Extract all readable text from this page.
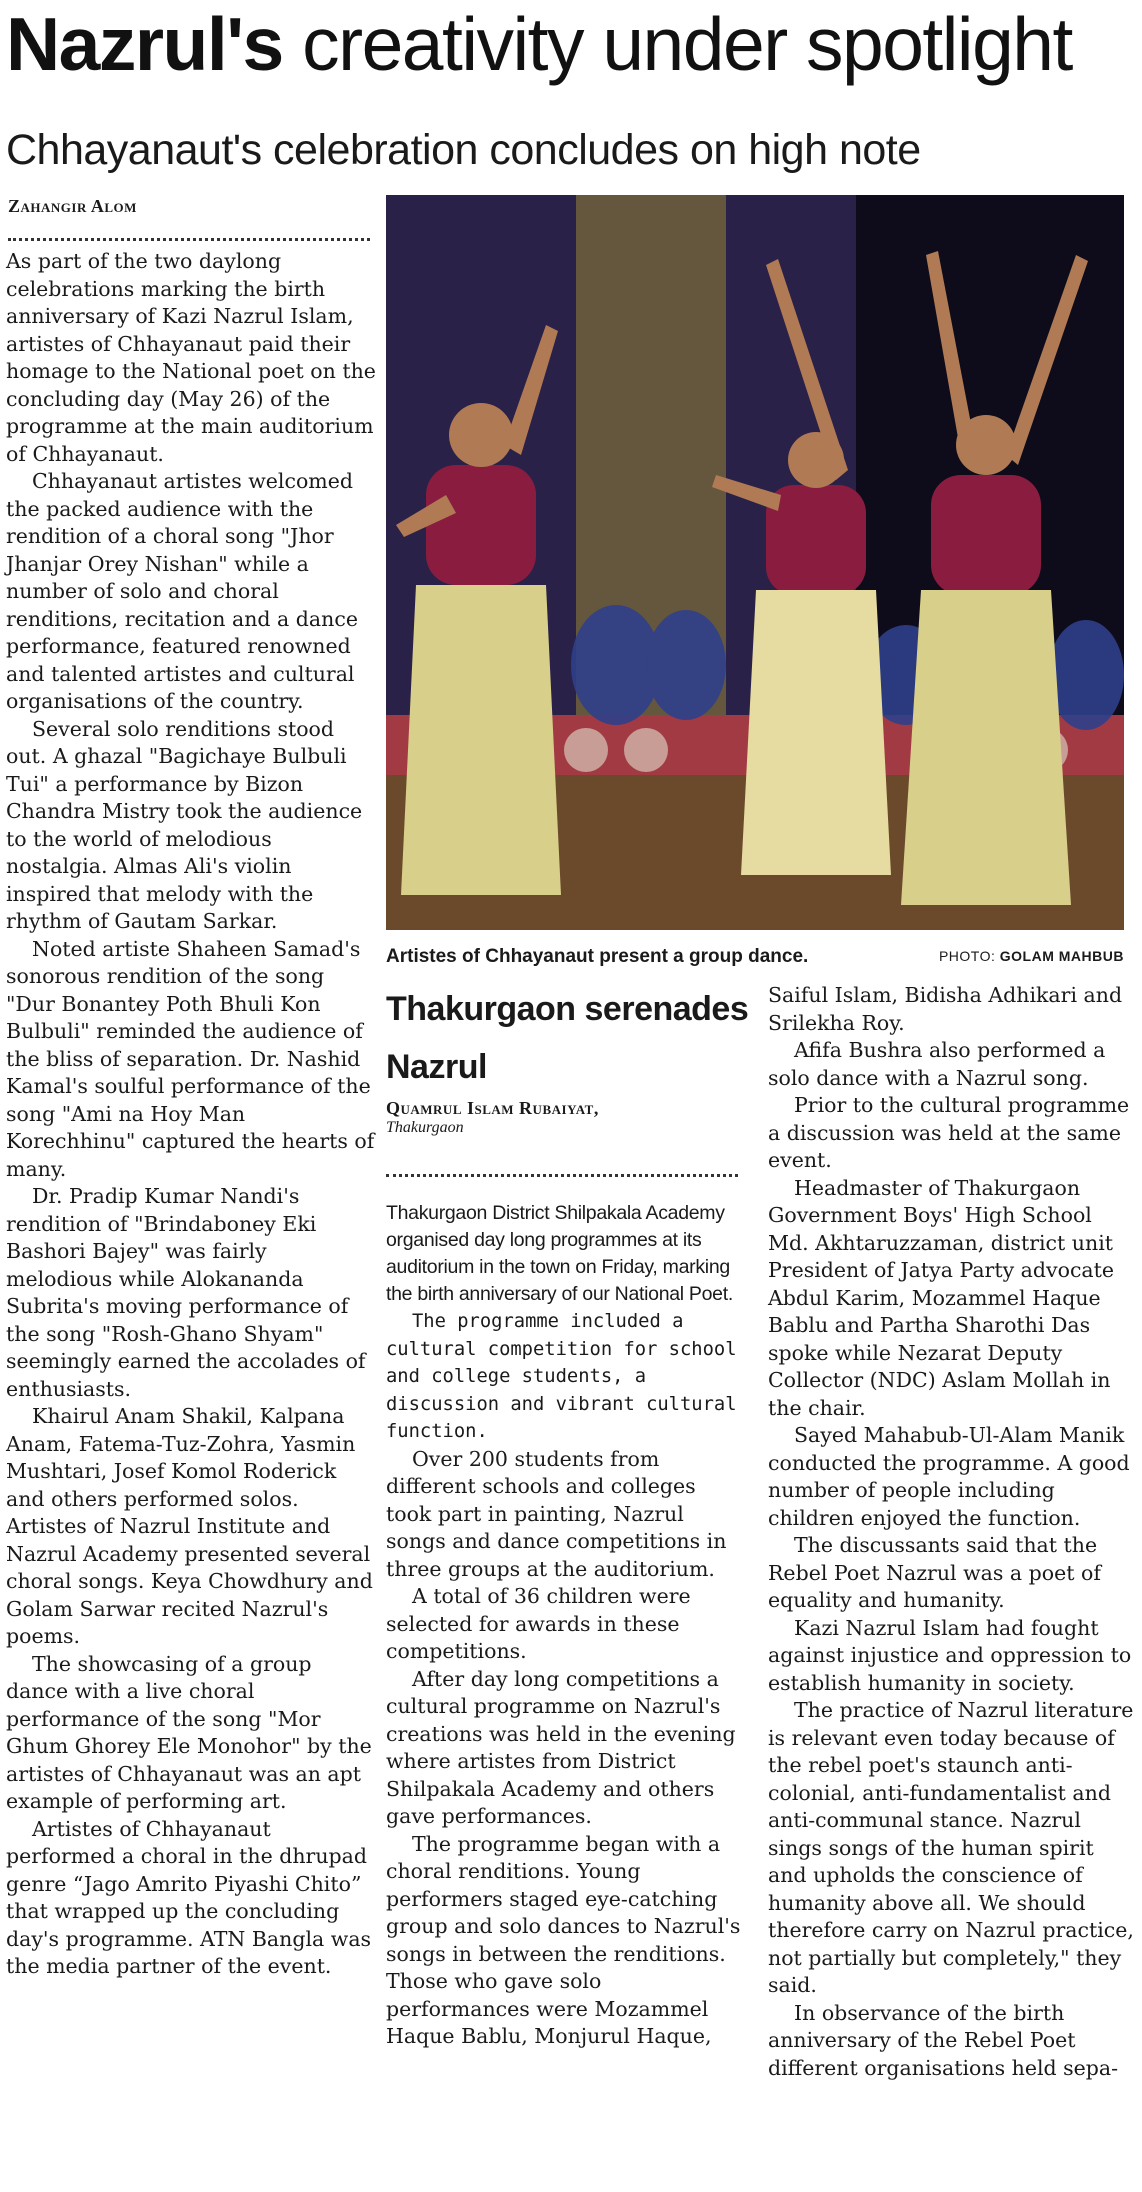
Nazrul's creativity under spotlight
Chhayanaut's celebration concludes on high note
Zahangir Alom

As part of the two daylong celebrations marking the birth anniversary of Kazi Nazrul Islam, artistes of Chhayanaut paid their homage to the National poet on the concluding day (May 26) of the programme at the main auditorium of Chhayanaut.

Chhayanaut artistes welcomed the packed audience with the rendition of a choral song "Jhor Jhanjar Orey Nishan" while a number of solo and choral renditions, recitation and a dance performance, featured renowned and talented artistes and cultural organisations of the country.

Several solo renditions stood out. A ghazal "Bagichaye Bulbuli Tui" a performance by Bizon Chandra Mistry took the audience to the world of melodious nostalgia. Almas Ali's violin inspired that melody with the rhythm of Gautam Sarkar.

Noted artiste Shaheen Samad's sonorous rendition of the song "Dur Bonantey Poth Bhuli Kon Bulbuli" reminded the audience of the bliss of separation. Dr. Nashid Kamal's soulful performance of the song "Ami na Hoy Man Korechhinu" captured the hearts of many.

Dr. Pradip Kumar Nandi's rendition of "Brindaboney Eki Bashori Bajey" was fairly melodious while Alokananda Subrita's moving performance of the song "Rosh-Ghano Shyam" seemingly earned the accolades of enthusiasts.

Khairul Anam Shakil, Kalpana Anam, Fatema-Tuz-Zohra, Yasmin Mushtari, Josef Komol Roderick and others performed solos. Artistes of Nazrul Institute and Nazrul Academy presented several choral songs. Keya Chowdhury and Golam Sarwar recited Nazrul's poems.

The showcasing of a group dance with a live choral performance of the song "Mor Ghum Ghorey Ele Monohor" by the artistes of Chhayanaut was an apt example of performing art.

Artistes of Chhayanaut performed a choral in the dhrupad genre “Jago Amrito Piyashi Chito” that wrapped up the concluding day's programme. ATN Bangla was the media partner of the event.

Artistes of Chhayanaut present a group dance.	PHOTO: GOLAM MAHBUB
Thakurgaon serenades Nazrul
Quamrul Islam Rubaiyat,
Thakurgaon

Thakurgaon District Shilpakala Academy organised day long programmes at its auditorium in the town on Friday, marking the birth anniversary of our National Poet.

The programme included a cultural competition for school and college students, a discussion and vibrant cultural function.

Over 200 students from different schools and colleges took part in painting, Nazrul songs and dance competitions in three groups at the auditorium.

A total of 36 children were selected for awards in these competitions.

After day long competitions a cultural programme on Nazrul's creations was held in the evening where artistes from District Shilpakala Academy and others gave performances.

The programme began with a choral renditions. Young performers staged eye-catching group and solo dances to Nazrul's songs in between the renditions. Those who gave solo performances were Mozammel Haque Bablu, Monjurul Haque,

Saiful Islam, Bidisha Adhikari and Srilekha Roy.

Afifa Bushra also performed a solo dance with a Nazrul song.

Prior to the cultural programme a discussion was held at the same event.

Headmaster of Thakurgaon Government Boys' High School Md. Akhtaruzzaman, district unit President of Jatya Party advocate Abdul Karim, Mozammel Haque Bablu and Partha Sharothi Das spoke while Nezarat Deputy Collector (NDC) Aslam Mollah in the chair.

Sayed Mahabub-Ul-Alam Manik conducted the programme. A good number of people including children enjoyed the function.

The discussants said that the Rebel Poet Nazrul was a poet of equality and humanity.

Kazi Nazrul Islam had fought against injustice and oppression to establish humanity in society.

The practice of Nazrul literature is relevant even today because of the rebel poet's staunch anti-colonial, anti-fundamentalist and anti-communal stance. Nazrul sings songs of the human spirit and upholds the conscience of humanity above all. We should therefore carry on Nazrul practice, not partially but completely," they said.

In observance of the birth anniversary of the Rebel Poet different organisations held sepa-
